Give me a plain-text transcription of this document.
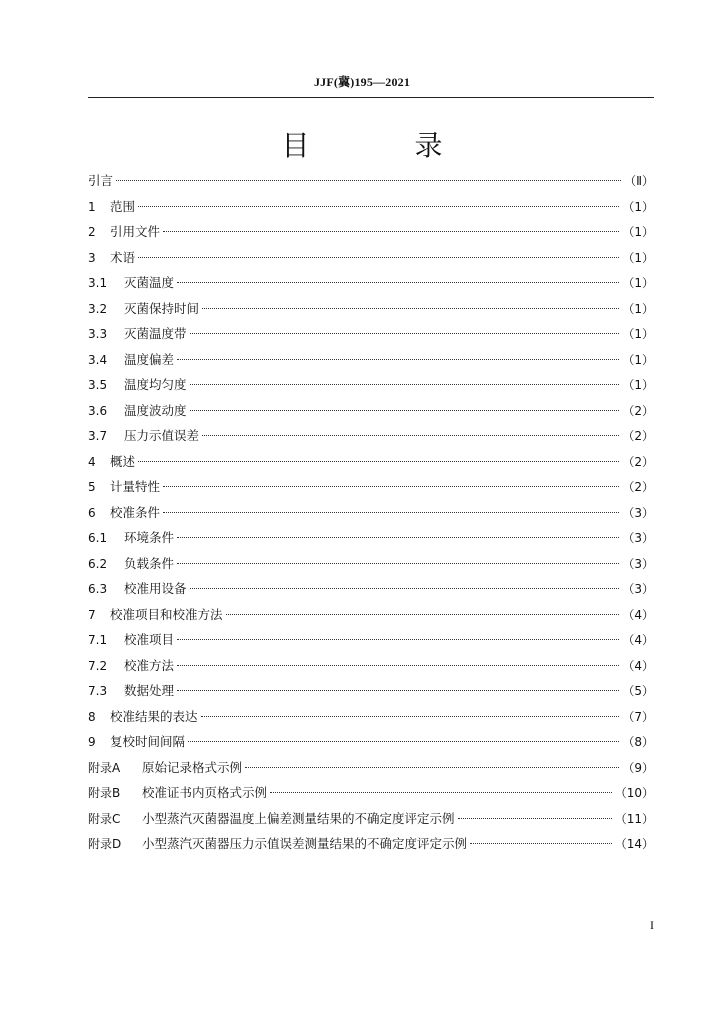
JJF(冀)195—2021
目 录
引言	（Ⅱ）
1	范围	（1）
2	引用文件	（1）
3	术语	（1）
3.1	灭菌温度	（1）
3.2	灭菌保持时间	（1）
3.3	灭菌温度带	（1）
3.4	温度偏差	（1）
3.5	温度均匀度	（1）
3.6	温度波动度	（2）
3.7	压力示值误差	（2）
4	概述	（2）
5	计量特性	（2）
6	校准条件	（3）
6.1	环境条件	（3）
6.2	负载条件	（3）
6.3	校准用设备	（3）
7	校准项目和校准方法	（4）
7.1	校准项目	（4）
7.2	校准方法	（4）
7.3	数据处理	（5）
8	校准结果的表达	（7）
9	复校时间间隔	（8）
附录A	原始记录格式示例	（9）
附录B	校准证书内页格式示例	（10）
附录C	小型蒸汽灭菌器温度上偏差测量结果的不确定度评定示例	（11）
附录D	小型蒸汽灭菌器压力示值误差测量结果的不确定度评定示例	（14）
I
